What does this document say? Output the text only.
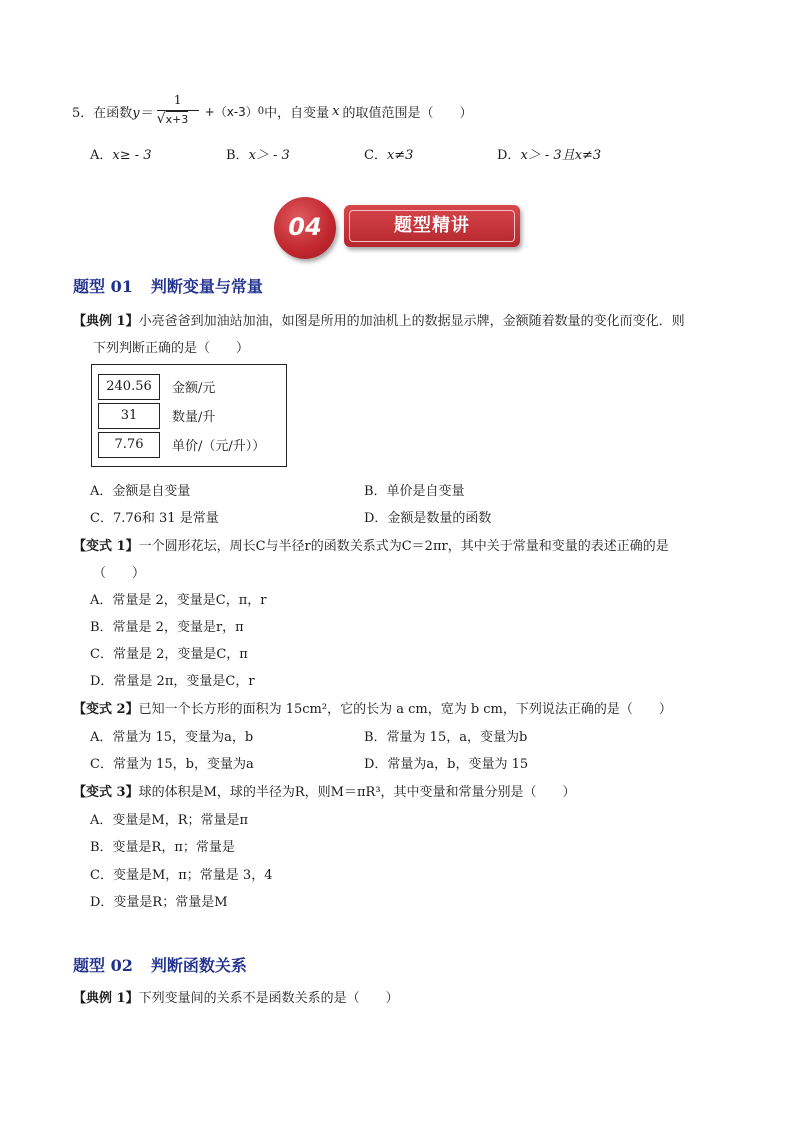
5．在函数 $y= \frac{1}{√x+3} +(x-3)$ 0 中，自变量 x 的取值范围是（　　）
A．x≥ - 3	B．x＞ - 3	C．x≠3	D．x＞ - 3且x≠3
04	题型精讲
题型 01 判断变量与常量
【典例 1】小亮爸爸到加油站加油，如图是所用的加油机上的数据显示牌，金额随着数量的变化而变化．则
下列判断正确的是（　　）
240.56	金额/元
31	数量/升
7.76	单价/（元/升））
A．金额是自变量	B．单价是自变量
C．7.76和 31 是常量	D．金额是数量的函数
【变式 1】一个圆形花坛，周长C与半径r的函数关系式为C＝2πr，其中关于常量和变量的表述正确的是
（　　）
A．常量是 2，变量是C，π，r
B．常量是 2，变量是r，π
C．常量是 2，变量是C，π
D．常量是 2π，变量是C，r
【变式 2】已知一个长方形的面积为 15cm²，它的长为 a cm，宽为 b cm，下列说法正确的是（　　）
A．常量为 15，变量为a，b	B．常量为 15，a，变量为b
C．常量为 15，b，变量为a	D．常量为a，b，变量为 15
【变式 3】球的体积是M，球的半径为R，则M＝πR³，其中变量和常量分别是（　　）
A．变量是M，R；常量是π
B．变量是R，π；常量是
C．变量是M，π；常量是 3，4
D．变量是R；常量是M
题型 02 判断函数关系
【典例 1】下列变量间的关系不是函数关系的是（　　）
